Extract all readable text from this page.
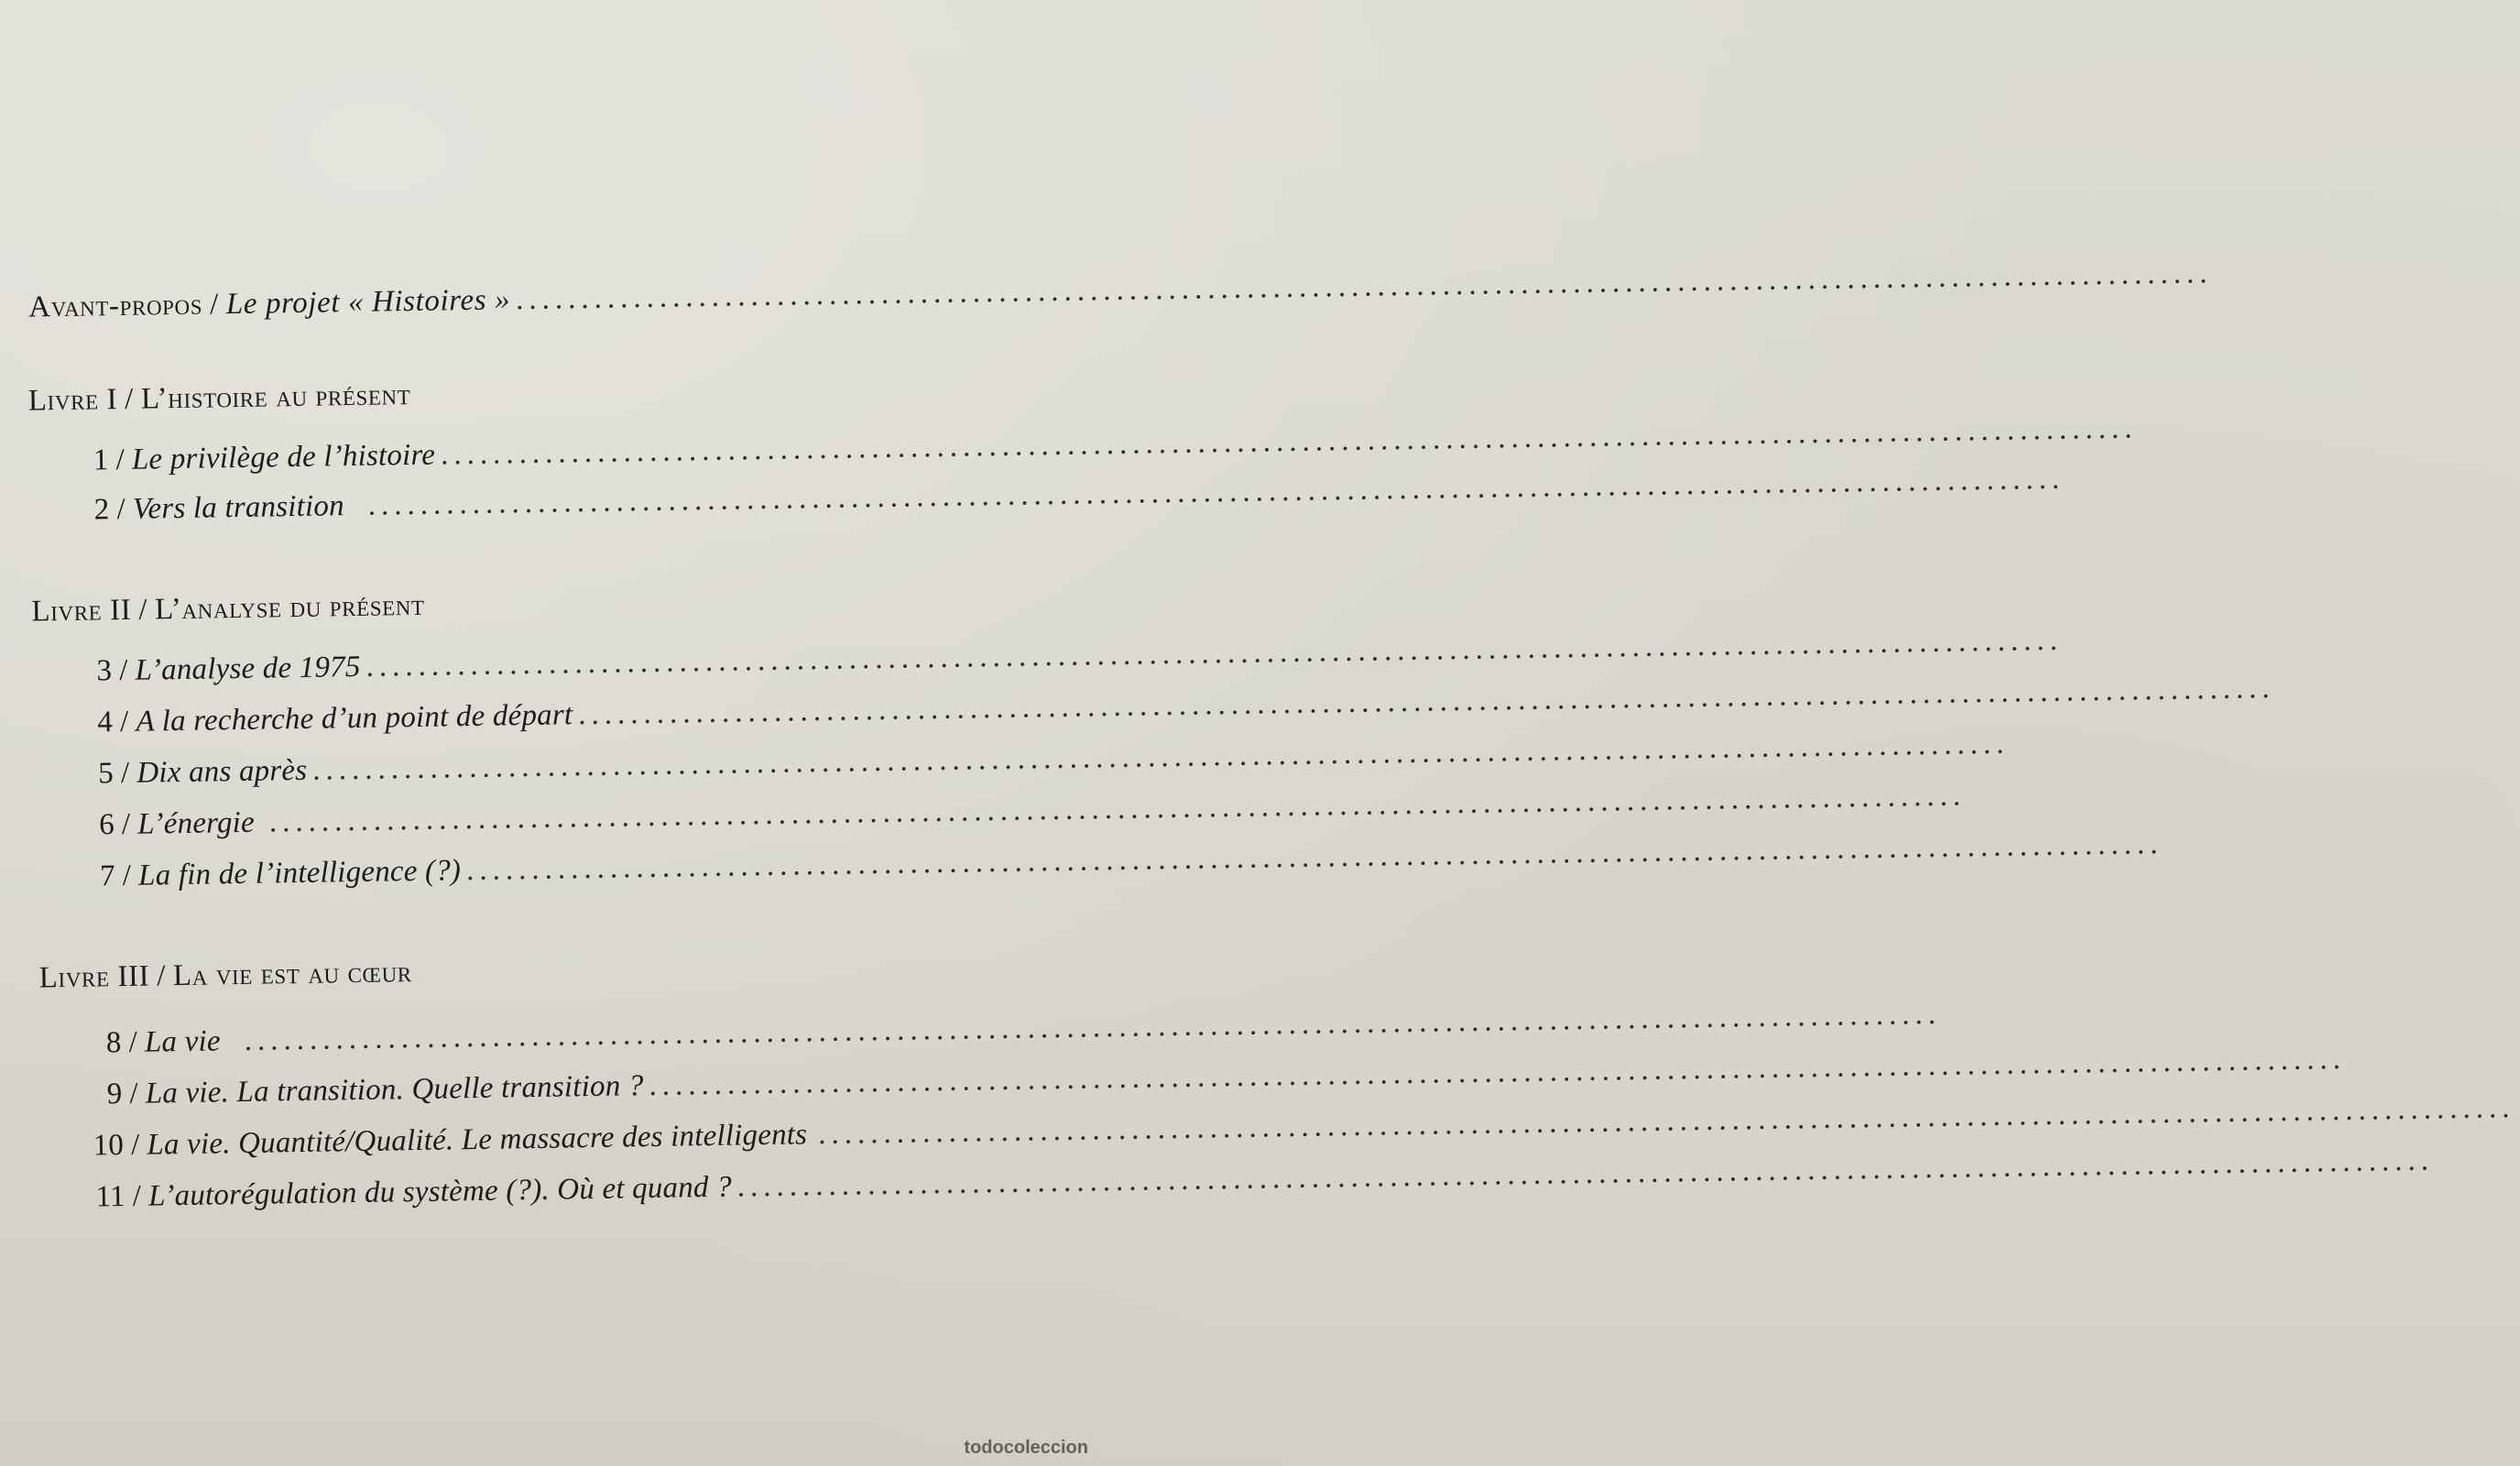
Avant-propos / Le projet « Histoires » ..................................................................................................................................
Livre I / L’histoire au présent
1 / Le privilège de l’histoire ..................................................................................................................................
2 / Vers la transition ..................................................................................................................................
Livre II / L’analyse du présent
3 / L’analyse de 1975 ..................................................................................................................................
4 / A la recherche d’un point de départ ..................................................................................................................................
5 / Dix ans après ..................................................................................................................................
6 / L’énergie ..................................................................................................................................
7 / La fin de l’intelligence (?) ..................................................................................................................................
Livre III / La vie est au cœur
8 / La vie ..................................................................................................................................
9 / La vie. La transition. Quelle transition ? ..................................................................................................................................
10 / La vie. Quantité/Qualité. Le massacre des intelligents ..................................................................................................................................
11 / L’autorégulation du système (?). Où et quand ? ..................................................................................................................................
todocoleccion
